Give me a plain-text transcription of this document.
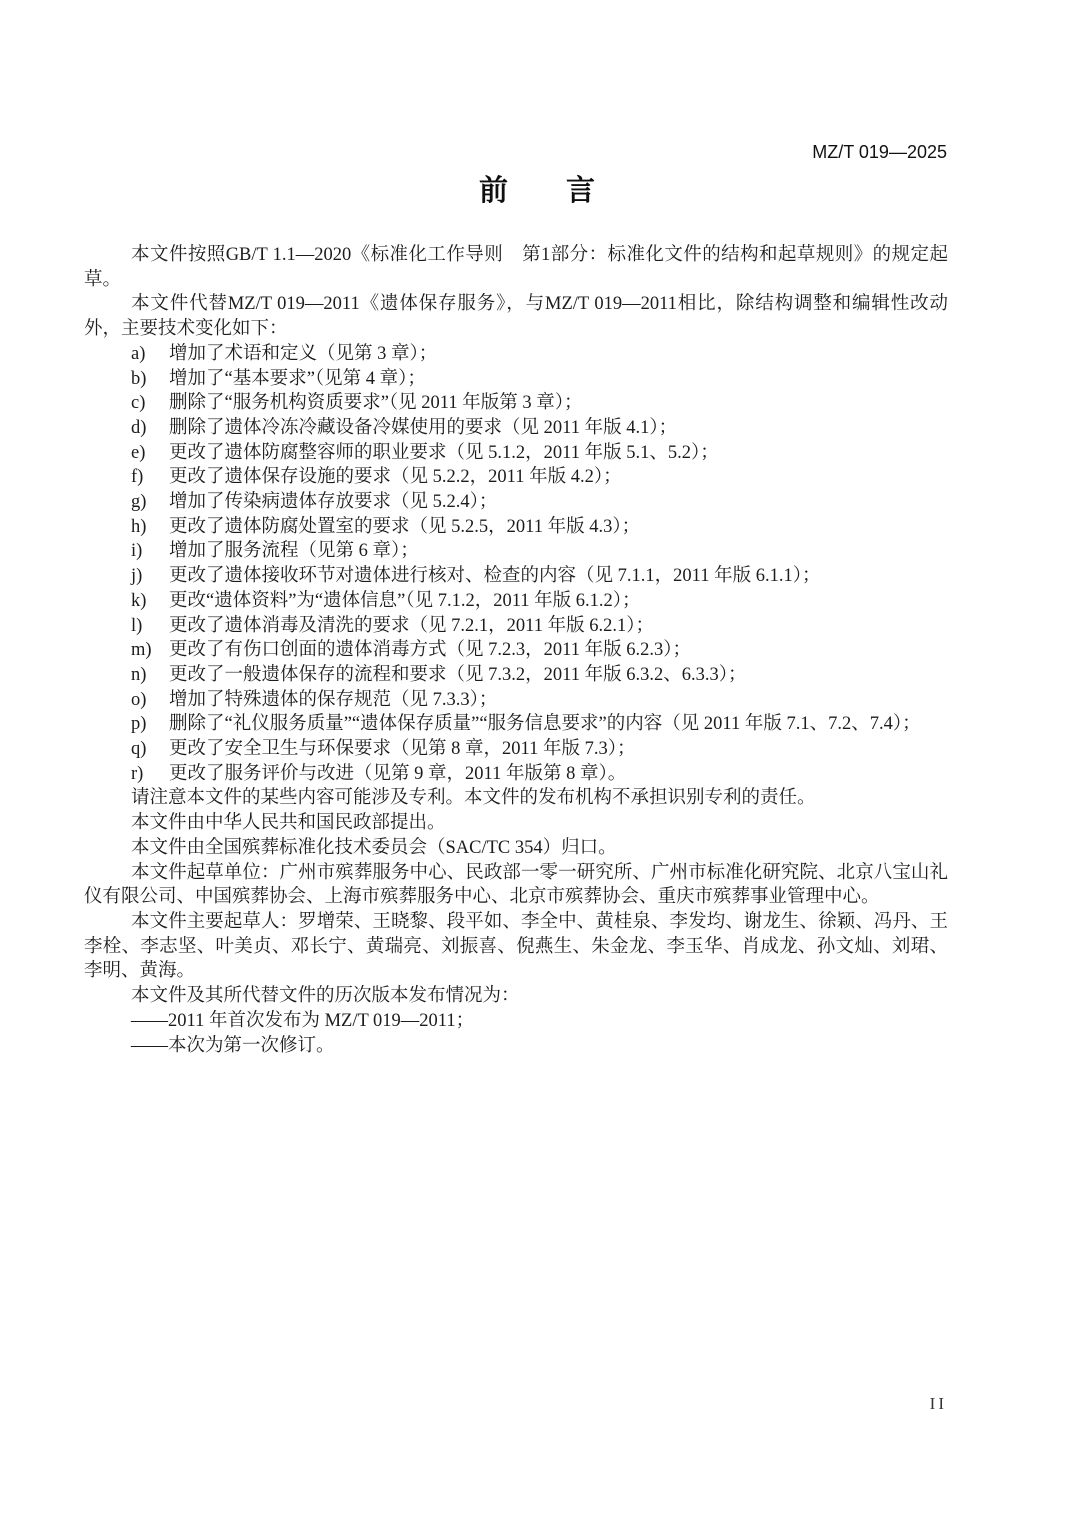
MZ/T 019—2025
前　　言

本文件按照GB/T 1.1—2020《标准化工作导则　第1部分：标准化文件的结构和起草规则》的规定起草。

本文件代替MZ/T 019—2011《遗体保存服务》，与MZ/T 019—2011相比，除结构调整和编辑性改动外，主要技术变化如下：

a) 增加了术语和定义（见第 3 章）；
b) 增加了“基本要求”（见第 4 章）；
c) 删除了“服务机构资质要求”（见 2011 年版第 3 章）；
d) 删除了遗体冷冻冷藏设备冷媒使用的要求（见 2011 年版 4.1）；
e) 更改了遗体防腐整容师的职业要求（见 5.1.2，2011 年版 5.1、5.2）；
f) 更改了遗体保存设施的要求（见 5.2.2，2011 年版 4.2）；
g) 增加了传染病遗体存放要求（见 5.2.4）；
h) 更改了遗体防腐处置室的要求（见 5.2.5，2011 年版 4.3）；
i) 增加了服务流程（见第 6 章）；
j) 更改了遗体接收环节对遗体进行核对、检查的内容（见 7.1.1，2011 年版 6.1.1）；
k) 更改“遗体资料”为“遗体信息”（见 7.1.2，2011 年版 6.1.2）；
l) 更改了遗体消毒及清洗的要求（见 7.2.1，2011 年版 6.2.1）；
m) 更改了有伤口创面的遗体消毒方式（见 7.2.3，2011 年版 6.2.3）；
n) 更改了一般遗体保存的流程和要求（见 7.3.2，2011 年版 6.3.2、6.3.3）；
o) 增加了特殊遗体的保存规范（见 7.3.3）；
p) 删除了“礼仪服务质量”“遗体保存质量”“服务信息要求”的内容（见 2011 年版 7.1、7.2、7.4）；
q) 更改了安全卫生与环保要求（见第 8 章，2011 年版 7.3）；
r) 更改了服务评价与改进（见第 9 章，2011 年版第 8 章）。

请注意本文件的某些内容可能涉及专利。本文件的发布机构不承担识别专利的责任。

本文件由中华人民共和国民政部提出。

本文件由全国殡葬标准化技术委员会（SAC/TC 354）归口。

本文件起草单位：广州市殡葬服务中心、民政部一零一研究所、广州市标准化研究院、北京八宝山礼仪有限公司、中国殡葬协会、上海市殡葬服务中心、北京市殡葬协会、重庆市殡葬事业管理中心。

本文件主要起草人：罗增荣、王晓黎、段平如、李全中、黄桂泉、李发均、谢龙生、徐颖、冯丹、王李栓、李志坚、叶美贞、邓长宁、黄瑞亮、刘振喜、倪燕生、朱金龙、李玉华、肖成龙、孙文灿、刘珺、李明、黄海。

本文件及其所代替文件的历次版本发布情况为：

——2011 年首次发布为 MZ/T 019—2011；

——本次为第一次修订。

II
